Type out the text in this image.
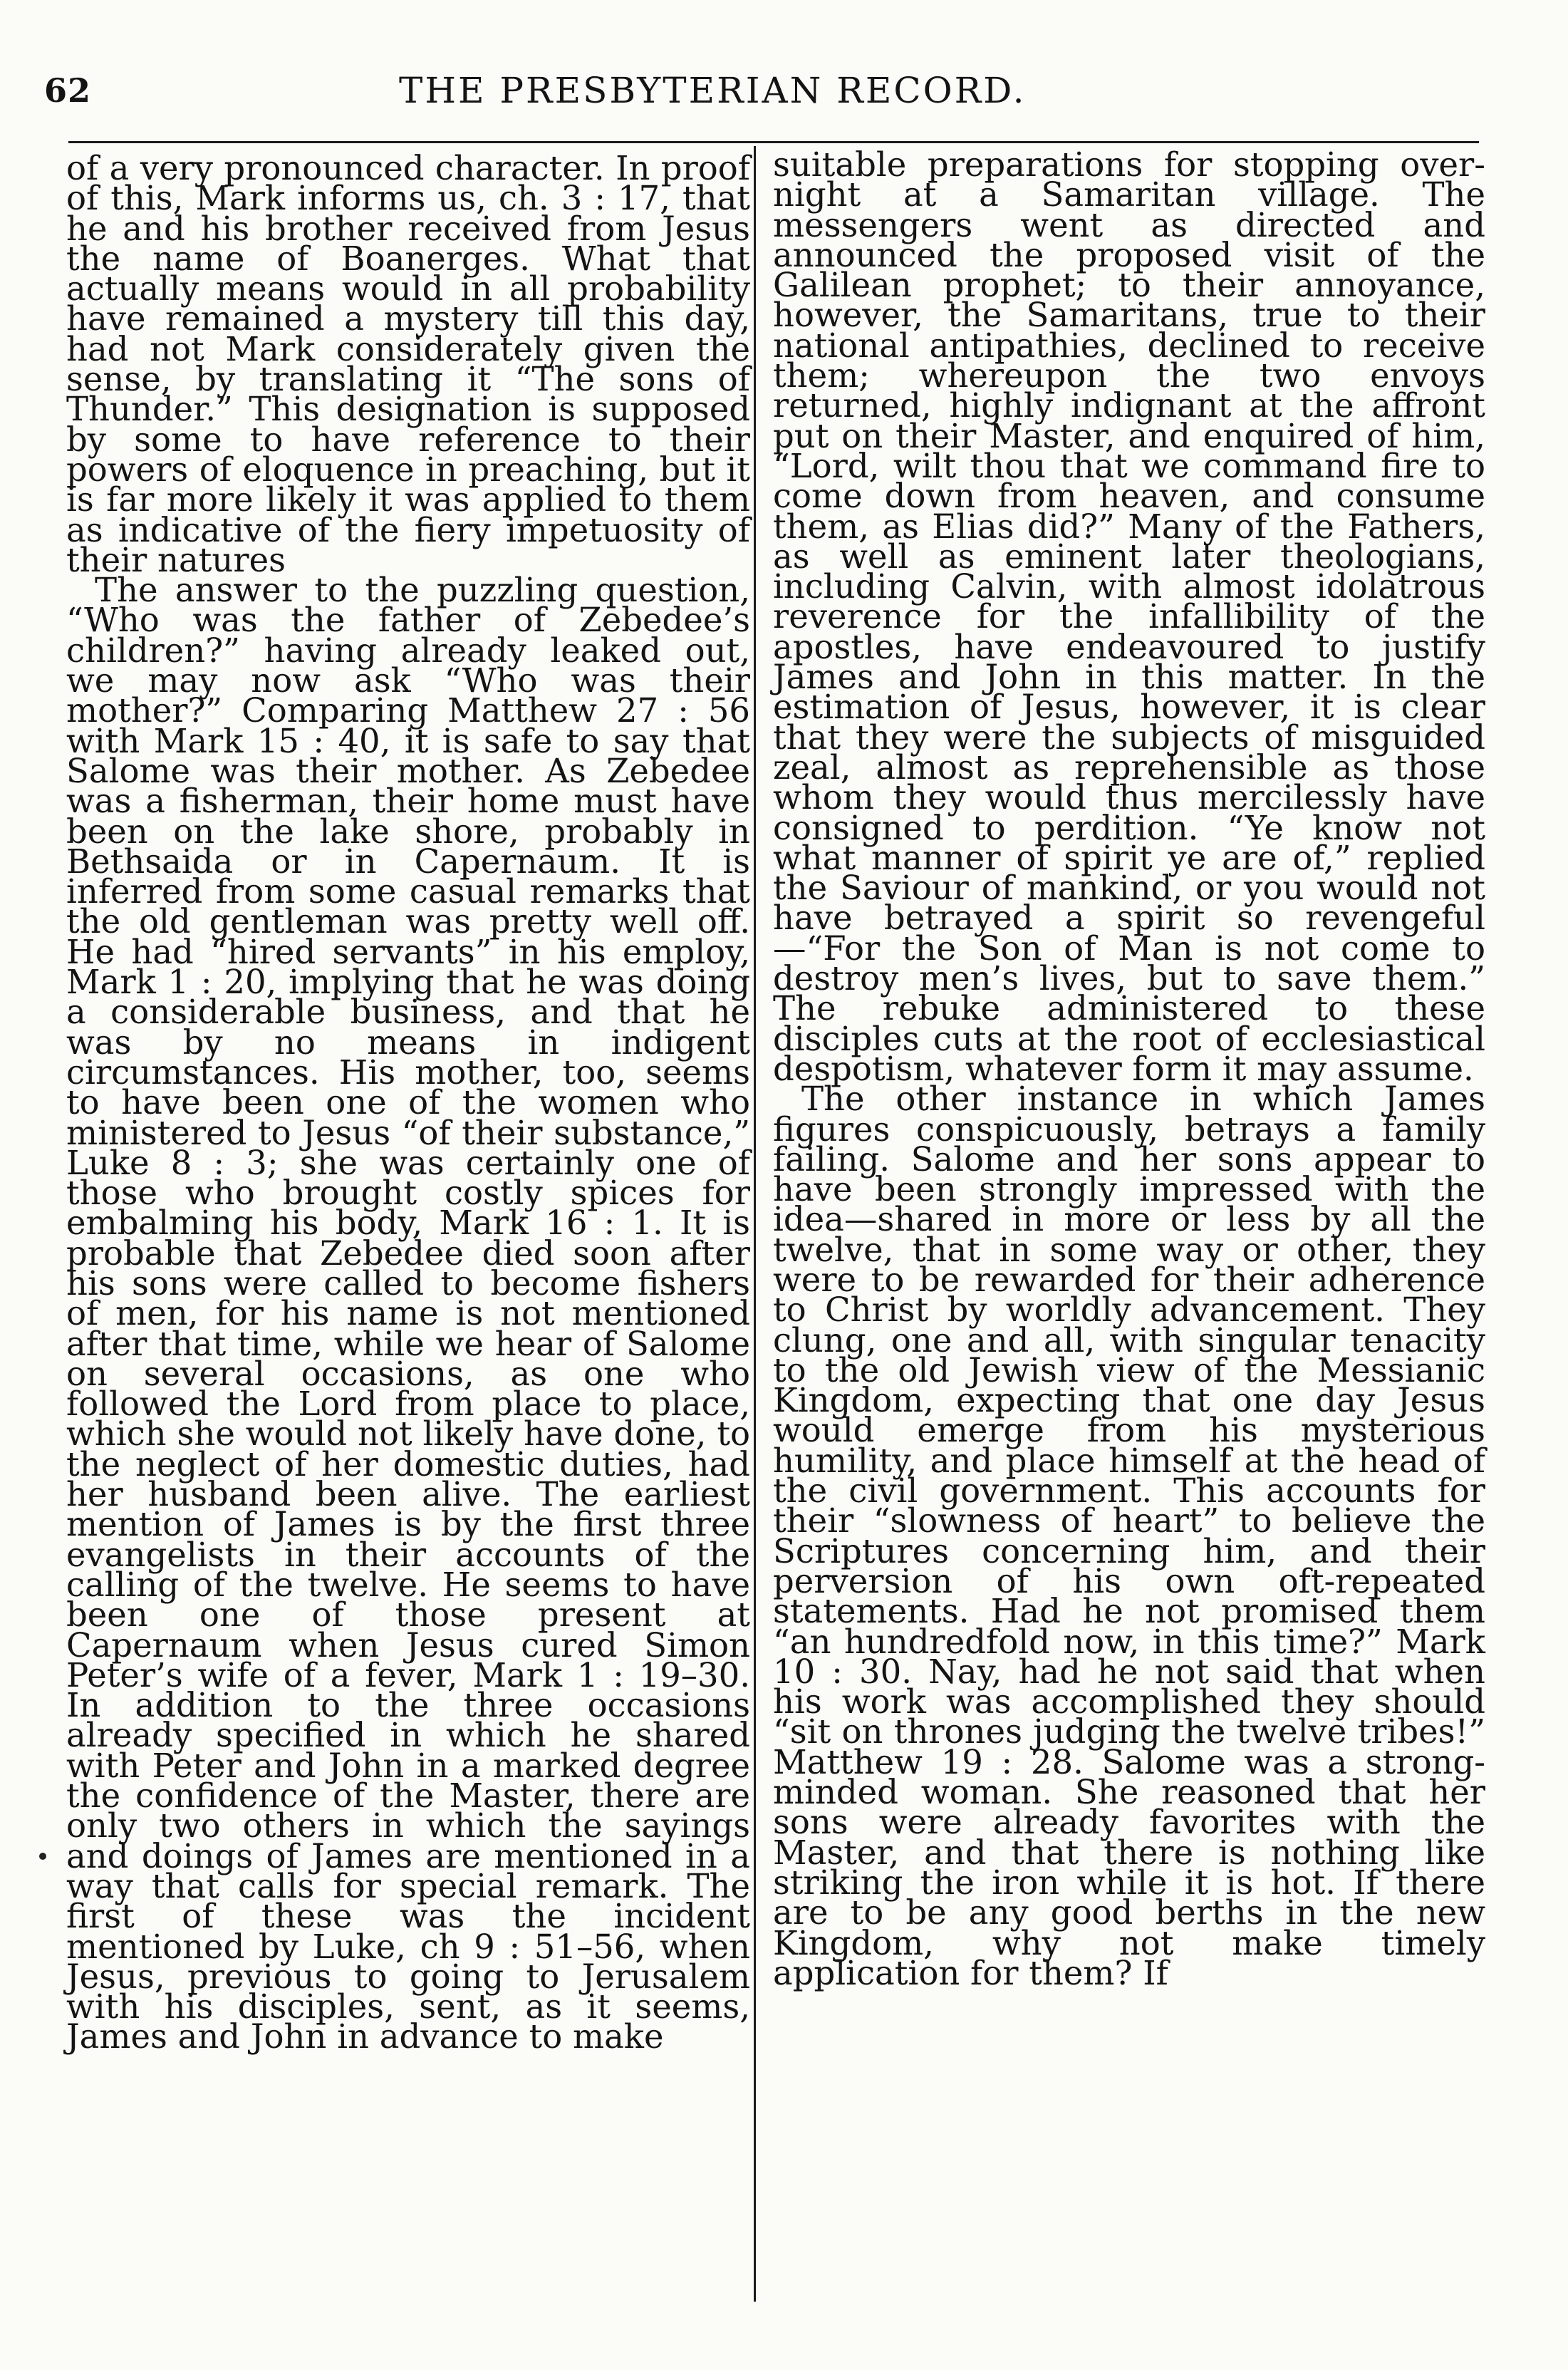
62	THE PRESBYTERIAN RECORD.

of a very pronounced character. In proof of this, Mark informs us, ch. 3 : 17, that he and his brother received from Jesus the name of Boanerges. What that actually means would in all probability have remained a mystery till this day, had not Mark considerately given the sense, by translating it “The sons of Thunder.” This designation is supposed by some to have reference to their powers of eloquence in preaching, but it is far more likely it was applied to them as indicative of the fiery impetuosity of their natures

The answer to the puzzling question, “Who was the father of Zebedee’s children?” having already leaked out, we may now ask “Who was their mother?” Comparing Matthew 27 : 56 with Mark 15 : 40, it is safe to say that Salome was their mother. As Zebedee was a fisherman, their home must have been on the lake shore, probably in Bethsaida or in Capernaum. It is inferred from some casual remarks that the old gentleman was pretty well off. He had “hired servants” in his employ, Mark 1 : 20, implying that he was doing a considerable business, and that he was by no means in indigent circumstances. His mother, too, seems to have been one of the women who ministered to Jesus “of their substance,” Luke 8 : 3; she was certainly one of those who brought costly spices for embalming his body, Mark 16 : 1. It is probable that Zebedee died soon after his sons were called to become fishers of men, for his name is not mentioned after that time, while we hear of Salome on several occasions, as one who followed the Lord from place to place, which she would not likely have done, to the neglect of her domestic duties, had her husband been alive. The earliest mention of James is by the first three evangelists in their accounts of the calling of the twelve. He seems to have been one of those present at Capernaum when Jesus cured Simon Peter’s wife of a fever, Mark 1 : 19–30. In addition to the three occasions already specified in which he shared with Peter and John in a marked degree the confidence of the Master, there are only two others in which the sayings and doings of James are mentioned in a way that calls for special remark. The first of these was the incident mentioned by Luke, ch 9 : 51–56, when Jesus, previous to going to Jerusalem with his disciples, sent, as it seems, James and John in advance to make

suitable preparations for stopping over-night at a Samaritan village. The messengers went as directed and announced the proposed visit of the Galilean prophet; to their annoyance, however, the Samaritans, true to their national antipathies, declined to receive them; whereupon the two envoys returned, highly indignant at the affront put on their Master, and enquired of him, “Lord, wilt thou that we command fire to come down from heaven, and consume them, as Elias did?” Many of the Fathers, as well as eminent later theologians, including Calvin, with almost idolatrous reverence for the infallibility of the apostles, have endeavoured to justify James and John in this matter. In the estimation of Jesus, however, it is clear that they were the subjects of misguided zeal, almost as reprehensible as those whom they would thus mercilessly have consigned to perdition. “Ye know not what manner of spirit ye are of,” replied the Saviour of mankind, or you would not have betrayed a spirit so revengeful—“For the Son of Man is not come to destroy men’s lives, but to save them.” The rebuke administered to these disciples cuts at the root of ecclesiastical despotism, whatever form it may assume.

The other instance in which James figures conspicuously, betrays a family failing. Salome and her sons appear to have been strongly impressed with the idea—shared in more or less by all the twelve, that in some way or other, they were to be rewarded for their adherence to Christ by worldly advancement. They clung, one and all, with singular tenacity to the old Jewish view of the Messianic Kingdom, expecting that one day Jesus would emerge from his mysterious humility, and place himself at the head of the civil government. This accounts for their “slowness of heart” to believe the Scriptures concerning him, and their perversion of his own oft-repeated statements. Had he not promised them “an hundredfold now, in this time?” Mark 10 : 30. Nay, had he not said that when his work was accomplished they should “sit on thrones judging the twelve tribes!” Matthew 19 : 28. Salome was a strong-minded woman. She reasoned that her sons were already favorites with the Master, and that there is nothing like striking the iron while it is hot. If there are to be any good berths in the new Kingdom, why not make timely application for them? If
